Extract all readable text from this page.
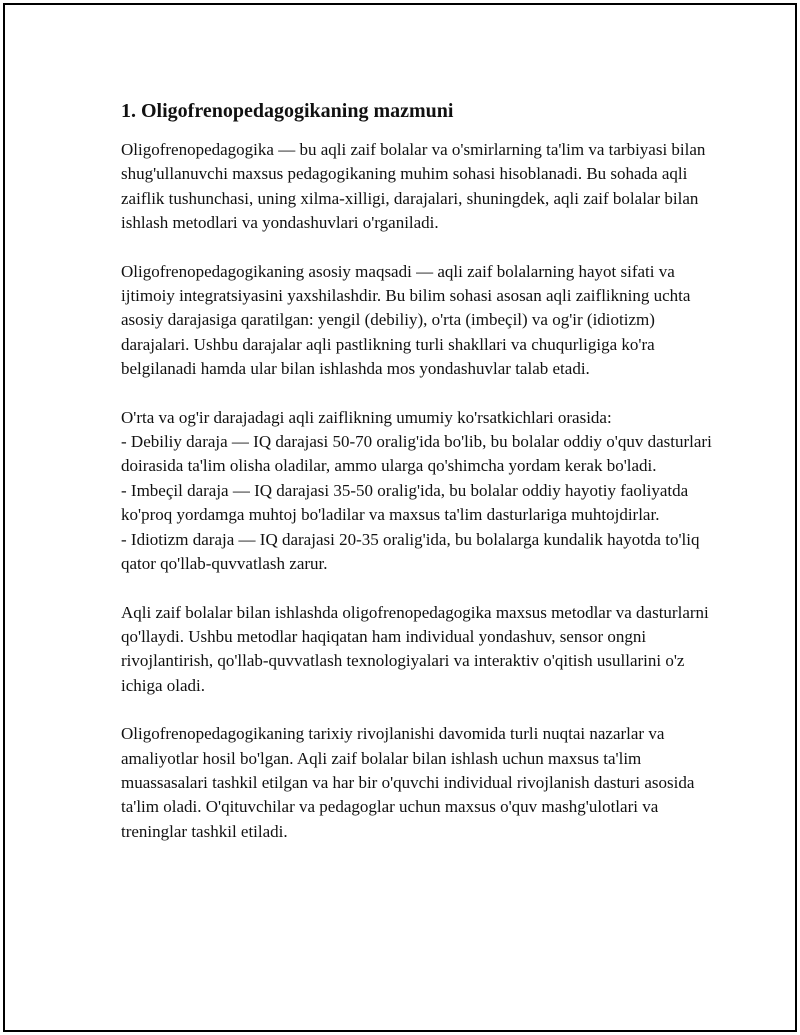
1. Oligofrenopedagogikaning mazmuni

Oligofrenopedagogika — bu aqli zaif bolalar va o'smirlarning ta'lim va tarbiyasi bilan shug'ullanuvchi maxsus pedagogikaning muhim sohasi hisoblanadi. Bu sohada aqli zaiflik tushunchasi, uning xilma-xilligi, darajalari, shuningdek, aqli zaif bolalar bilan ishlash metodlari va yondashuvlari o'rganiladi.

Oligofrenopedagogikaning asosiy maqsadi — aqli zaif bolalarning hayot sifati va ijtimoiy integratsiyasini yaxshilashdir. Bu bilim sohasi asosan aqli zaiflikning uchta asosiy darajasiga qaratilgan: yengil (debiliy), o'rta (imbeçil) va og'ir (idiotizm) darajalari. Ushbu darajalar aqli pastlikning turli shakllari va chuqurligiga ko'ra belgilanadi hamda ular bilan ishlashda mos yondashuvlar talab etadi.

O'rta va og'ir darajadagi aqli zaiflikning umumiy ko'rsatkichlari orasida:
- Debiliy daraja — IQ darajasi 50-70 oralig'ida bo'lib, bu bolalar oddiy o'quv dasturlari doirasida ta'lim olisha oladilar, ammo ularga qo'shimcha yordam kerak bo'ladi.
- Imbeçil daraja — IQ darajasi 35-50 oralig'ida, bu bolalar oddiy hayotiy faoliyatda ko'proq yordamga muhtoj bo'ladilar va maxsus ta'lim dasturlariga muhtojdirlar.
- Idiotizm daraja — IQ darajasi 20-35 oralig'ida, bu bolalarga kundalik hayotda to'liq qator qo'llab-quvvatlash zarur.

Aqli zaif bolalar bilan ishlashda oligofrenopedagogika maxsus metodlar va dasturlarni qo'llaydi. Ushbu metodlar haqiqatan ham individual yondashuv, sensor ongni rivojlantirish, qo'llab-quvvatlash texnologiyalari va interaktiv o'qitish usullarini o'z ichiga oladi.

Oligofrenopedagogikaning tarixiy rivojlanishi davomida turli nuqtai nazarlar va amaliyotlar hosil bo'lgan. Aqli zaif bolalar bilan ishlash uchun maxsus ta'lim muassasalari tashkil etilgan va har bir o'quvchi individual rivojlanish dasturi asosida ta'lim oladi. O'qituvchilar va pedagoglar uchun maxsus o'quv mashg'ulotlari va treninglar tashkil etiladi.
